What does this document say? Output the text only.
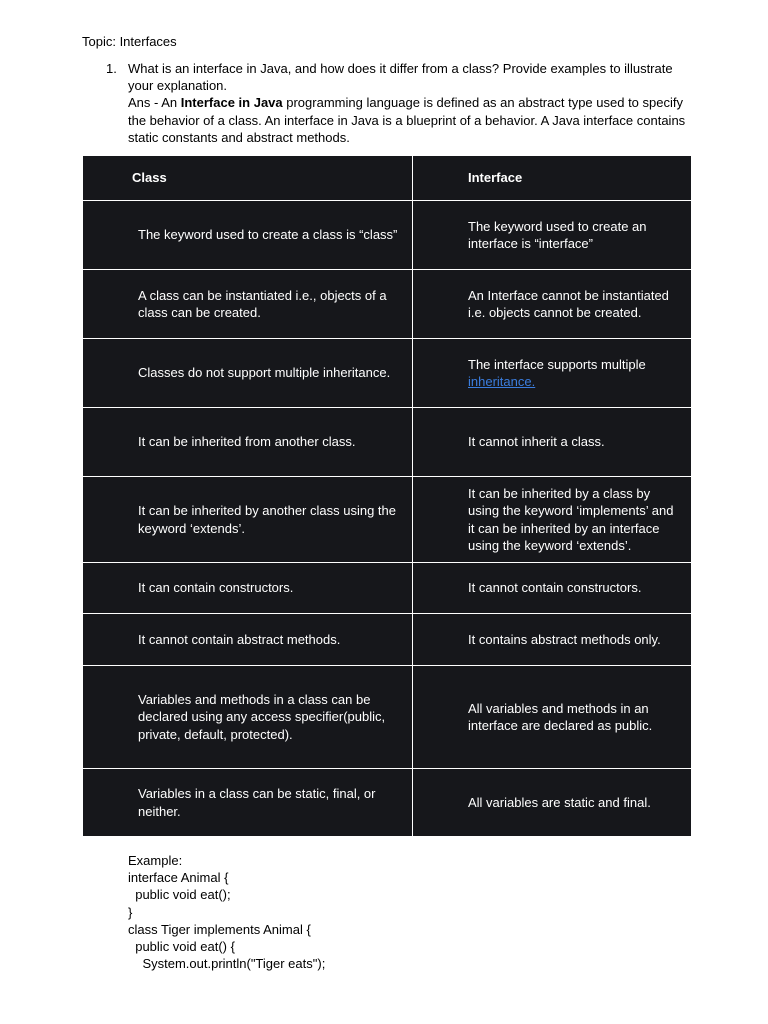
Topic: Interfaces
1. What is an interface in Java, and how does it differ from a class? Provide examples to illustrate your explanation.
Ans - An Interface in Java programming language is defined as an abstract type used to specify the behavior of a class. An interface in Java is a blueprint of a behavior. A Java interface contains static constants and abstract methods.
Class	Interface

The keyword used to create a class is “class”	The keyword used to create an interface is “interface”

A class can be instantiated i.e., objects of a class can be created.	An Interface cannot be instantiated i.e. objects cannot be created.

Classes do not support multiple inheritance.	The interface supports multiple inheritance.

It can be inherited from another class.	It cannot inherit a class.

It can be inherited by another class using the keyword ‘extends’.	It can be inherited by a class by using the keyword ‘implements’ and it can be inherited by an interface using the keyword ‘extends’.

It can contain constructors.	It cannot contain constructors.

It cannot contain abstract methods.	It contains abstract methods only.

Variables and methods in a class can be declared using any access specifier(public, private, default, protected).	All variables and methods in an interface are declared as public.

Variables in a class can be static, final, or neither.	All variables are static and final.
Example:
interface Animal {
public void eat();
}
class Tiger implements Animal {
public void eat() {
System.out.println("Tiger eats");
